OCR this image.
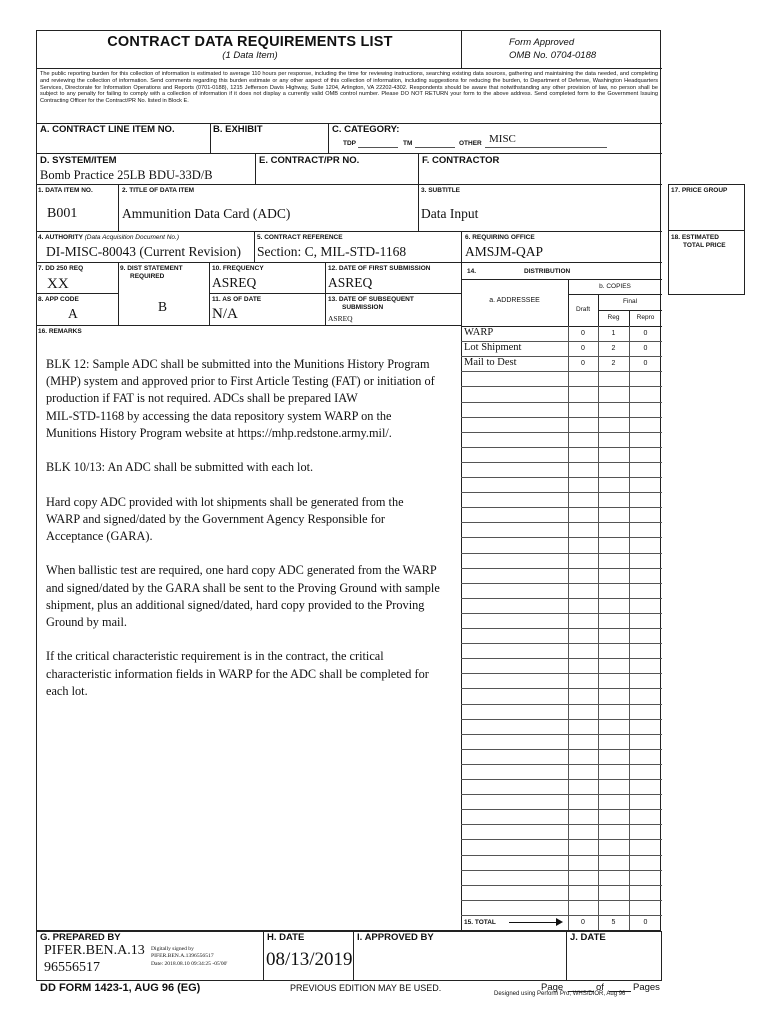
17. PRICE GROUP
18. ESTIMATED
TOTAL PRICE
CONTRACT DATA REQUIREMENTS LIST
(1 Data Item)
Form Approved
OMB No. 0704-0188
The public reporting burden for this collection of information is estimated to average 110 hours per response, including the time for reviewing instructions, searching existing data sources, gathering and maintaining the data needed, and completing and reviewing the collection of information. Send comments regarding this burden estimate or any other aspect of this collection of information, including suggestions for reducing the burden, to Department of Defense, Washington Headquarters Services, Directorate for Information Operations and Reports (0701-0188), 1215 Jefferson Davis Highway, Suite 1204, Arlington, VA 22202-4302. Respondents should be aware that notwithstanding any other provision of law, no person shall be subject to any penalty for failing to comply with a collection of information if it does not display a currently valid OMB control number. Please DO NOT RETURN your form to the above address. Send completed form to the Government Issuing Contracting Officer for the Contract/PR No. listed in Block E.
A. CONTRACT LINE ITEM NO.	B. EXHIBIT	C. CATEGORY:
TDP	TM	OTHER MISC
D. SYSTEM/ITEM
Bomb Practice 25LB BDU-33D/B
E. CONTRACT/PR NO.	F. CONTRACTOR
1. DATA ITEM NO.
B001
2. TITLE OF DATA ITEM
Ammunition Data Card (ADC)
3. SUBTITLE
Data Input
4. AUTHORITY (Data Acquisition Document No.)
DI-MISC-80043 (Current Revision)
5. CONTRACT REFERENCE
Section: C, MIL-STD-1168
6. REQUIRING OFFICE
AMSJM-QAP
7. DD 250 REQ
XX
8. APP CODE
A
9. DIST STATEMENT
REQUIRED
B
10. FREQUENCY
ASREQ
11. AS OF DATE
N/A
12. DATE OF FIRST SUBMISSION
ASREQ
13. DATE OF SUBSEQUENT
SUBMISSION
ASREQ
14.	DISTRIBUTION
a. ADDRESSEE
b. COPIES
Draft
Final
Reg	Repro
WARP	0	1	0
Lot Shipment	0	2	0
Mail to Dest	0	2	0
15. TOTAL	0	5	0
16. REMARKS
BLK 12: Sample ADC shall be submitted into the Munitions History Program
(MHP) system and approved prior to First Article Testing (FAT) or initiation of
production if FAT is not required. ADCs shall be prepared IAW
MIL-STD-1168 by accessing the data repository system WARP on the
Munitions History Program website at https://mhp.redstone.army.mil/.
BLK 10/13: An ADC shall be submitted with each lot.
Hard copy ADC provided with lot shipments shall be generated from the
WARP and signed/dated by the Government Agency Responsible for
Acceptance (GARA).
When ballistic test are required, one hard copy ADC generated from the WARP
and signed/dated by the GARA shall be sent to the Proving Ground with sample
shipment, plus an additional signed/dated, hard copy provided to the Proving
Ground by mail.
If the critical characteristic requirement is in the contract, the critical
characteristic information fields in WARP for the ADC shall be completed for
each lot.
G. PREPARED BY
PIFER.BEN.A.13
96556517
Digitally signed by
PIFER.BEN.A.1396556517
Date: 2018.08.10 09:34:25 -05'00'
H. DATE
08/13/2019
I. APPROVED BY	J. DATE
DD FORM 1423-1, AUG 96 (EG)	PREVIOUS EDITION MAY BE USED.	Page	of	Pages
Designed using Perform Pro, WHS/DIOR, Aug 96
